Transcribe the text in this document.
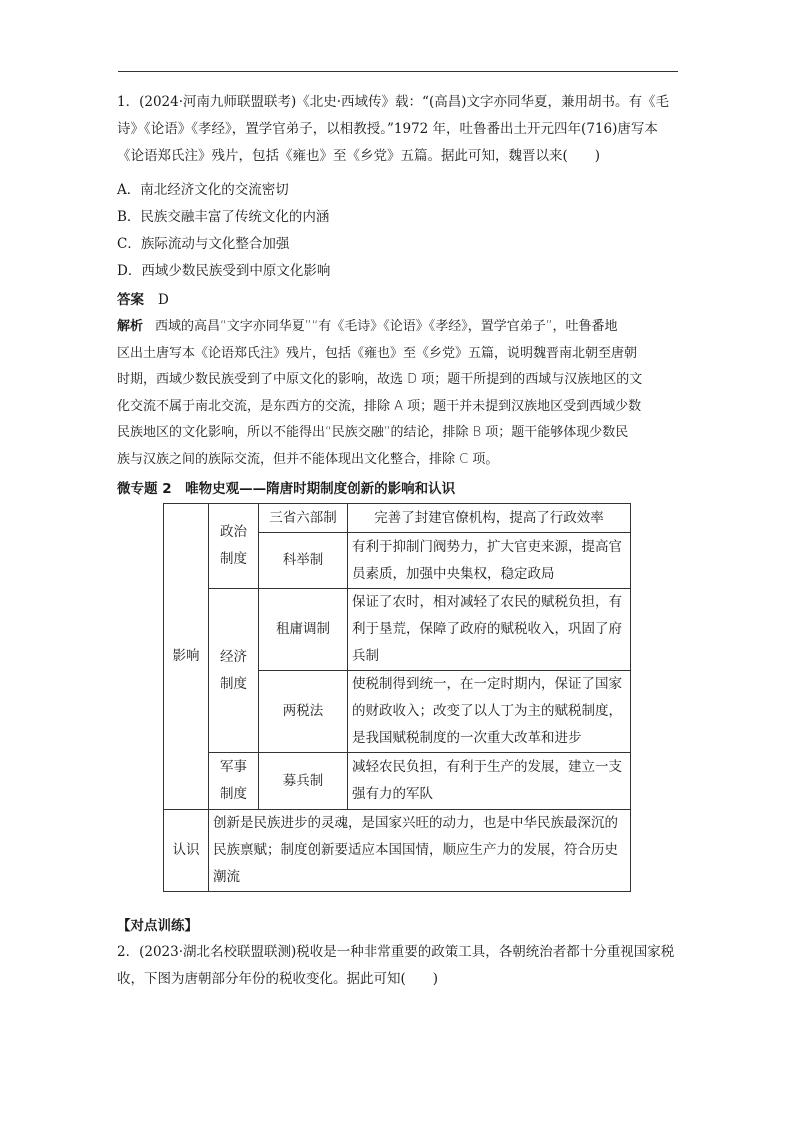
1．(2024·河南九师联盟联考)《北史·西域传》载：“(高昌)文字亦同华夏，兼用胡书。有《毛
诗》《论语》《孝经》，置学官弟子，以相教授。”1972 年，吐鲁番出土开元四年(716)唐写本
《论语郑氏注》残片，包括《雍也》至《乡党》五篇。据此可知，魏晋以来(　　)
A．南北经济文化的交流密切
B．民族交融丰富了传统文化的内涵
C．族际流动与文化整合加强
D．西域少数民族受到中原文化影响
答案 D
解析 西域的高昌“文字亦同华夏”“有《毛诗》《论语》《孝经》，置学官弟子”，吐鲁番地
区出土唐写本《论语郑氏注》残片，包括《雍也》至《乡党》五篇，说明魏晋南北朝至唐朝
时期，西域少数民族受到了中原文化的影响，故选 D 项；题干所提到的西域与汉族地区的文
化交流不属于南北交流，是东西方的交流，排除 A 项；题干并未提到汉族地区受到西域少数
民族地区的文化影响，所以不能得出“民族交融”的结论，排除 B 项；题干能够体现少数民
族与汉族之间的族际交流，但并不能体现出文化整合，排除 C 项。
微专题 2　唯物史观——隋唐时期制度创新的影响和认识
影响	政治制度	三省六部制	完善了封建官僚机构，提高了行政效率
		科举制	有利于抑制门阀势力，扩大官吏来源，提高官员素质，加强中央集权，稳定政局
	经济制度	租庸调制	保证了农时，相对减轻了农民的赋税负担，有利于垦荒，保障了政府的赋税收入，巩固了府兵制
		两税法	使税制得到统一，在一定时期内，保证了国家的财政收入；改变了以人丁为主的赋税制度，是我国赋税制度的一次重大改革和进步
	军事制度	募兵制	减轻农民负担，有利于生产的发展，建立一支强有力的军队
认识	创新是民族进步的灵魂，是国家兴旺的动力，也是中华民族最深沉的民族禀赋；制度创新要适应本国国情，顺应生产力的发展，符合历史潮流		
【对点训练】
2．(2023·湖北名校联盟联测)税收是一种非常重要的政策工具，各朝统治者都十分重视国家税
收，下图为唐朝部分年份的税收变化。据此可知(　　)
